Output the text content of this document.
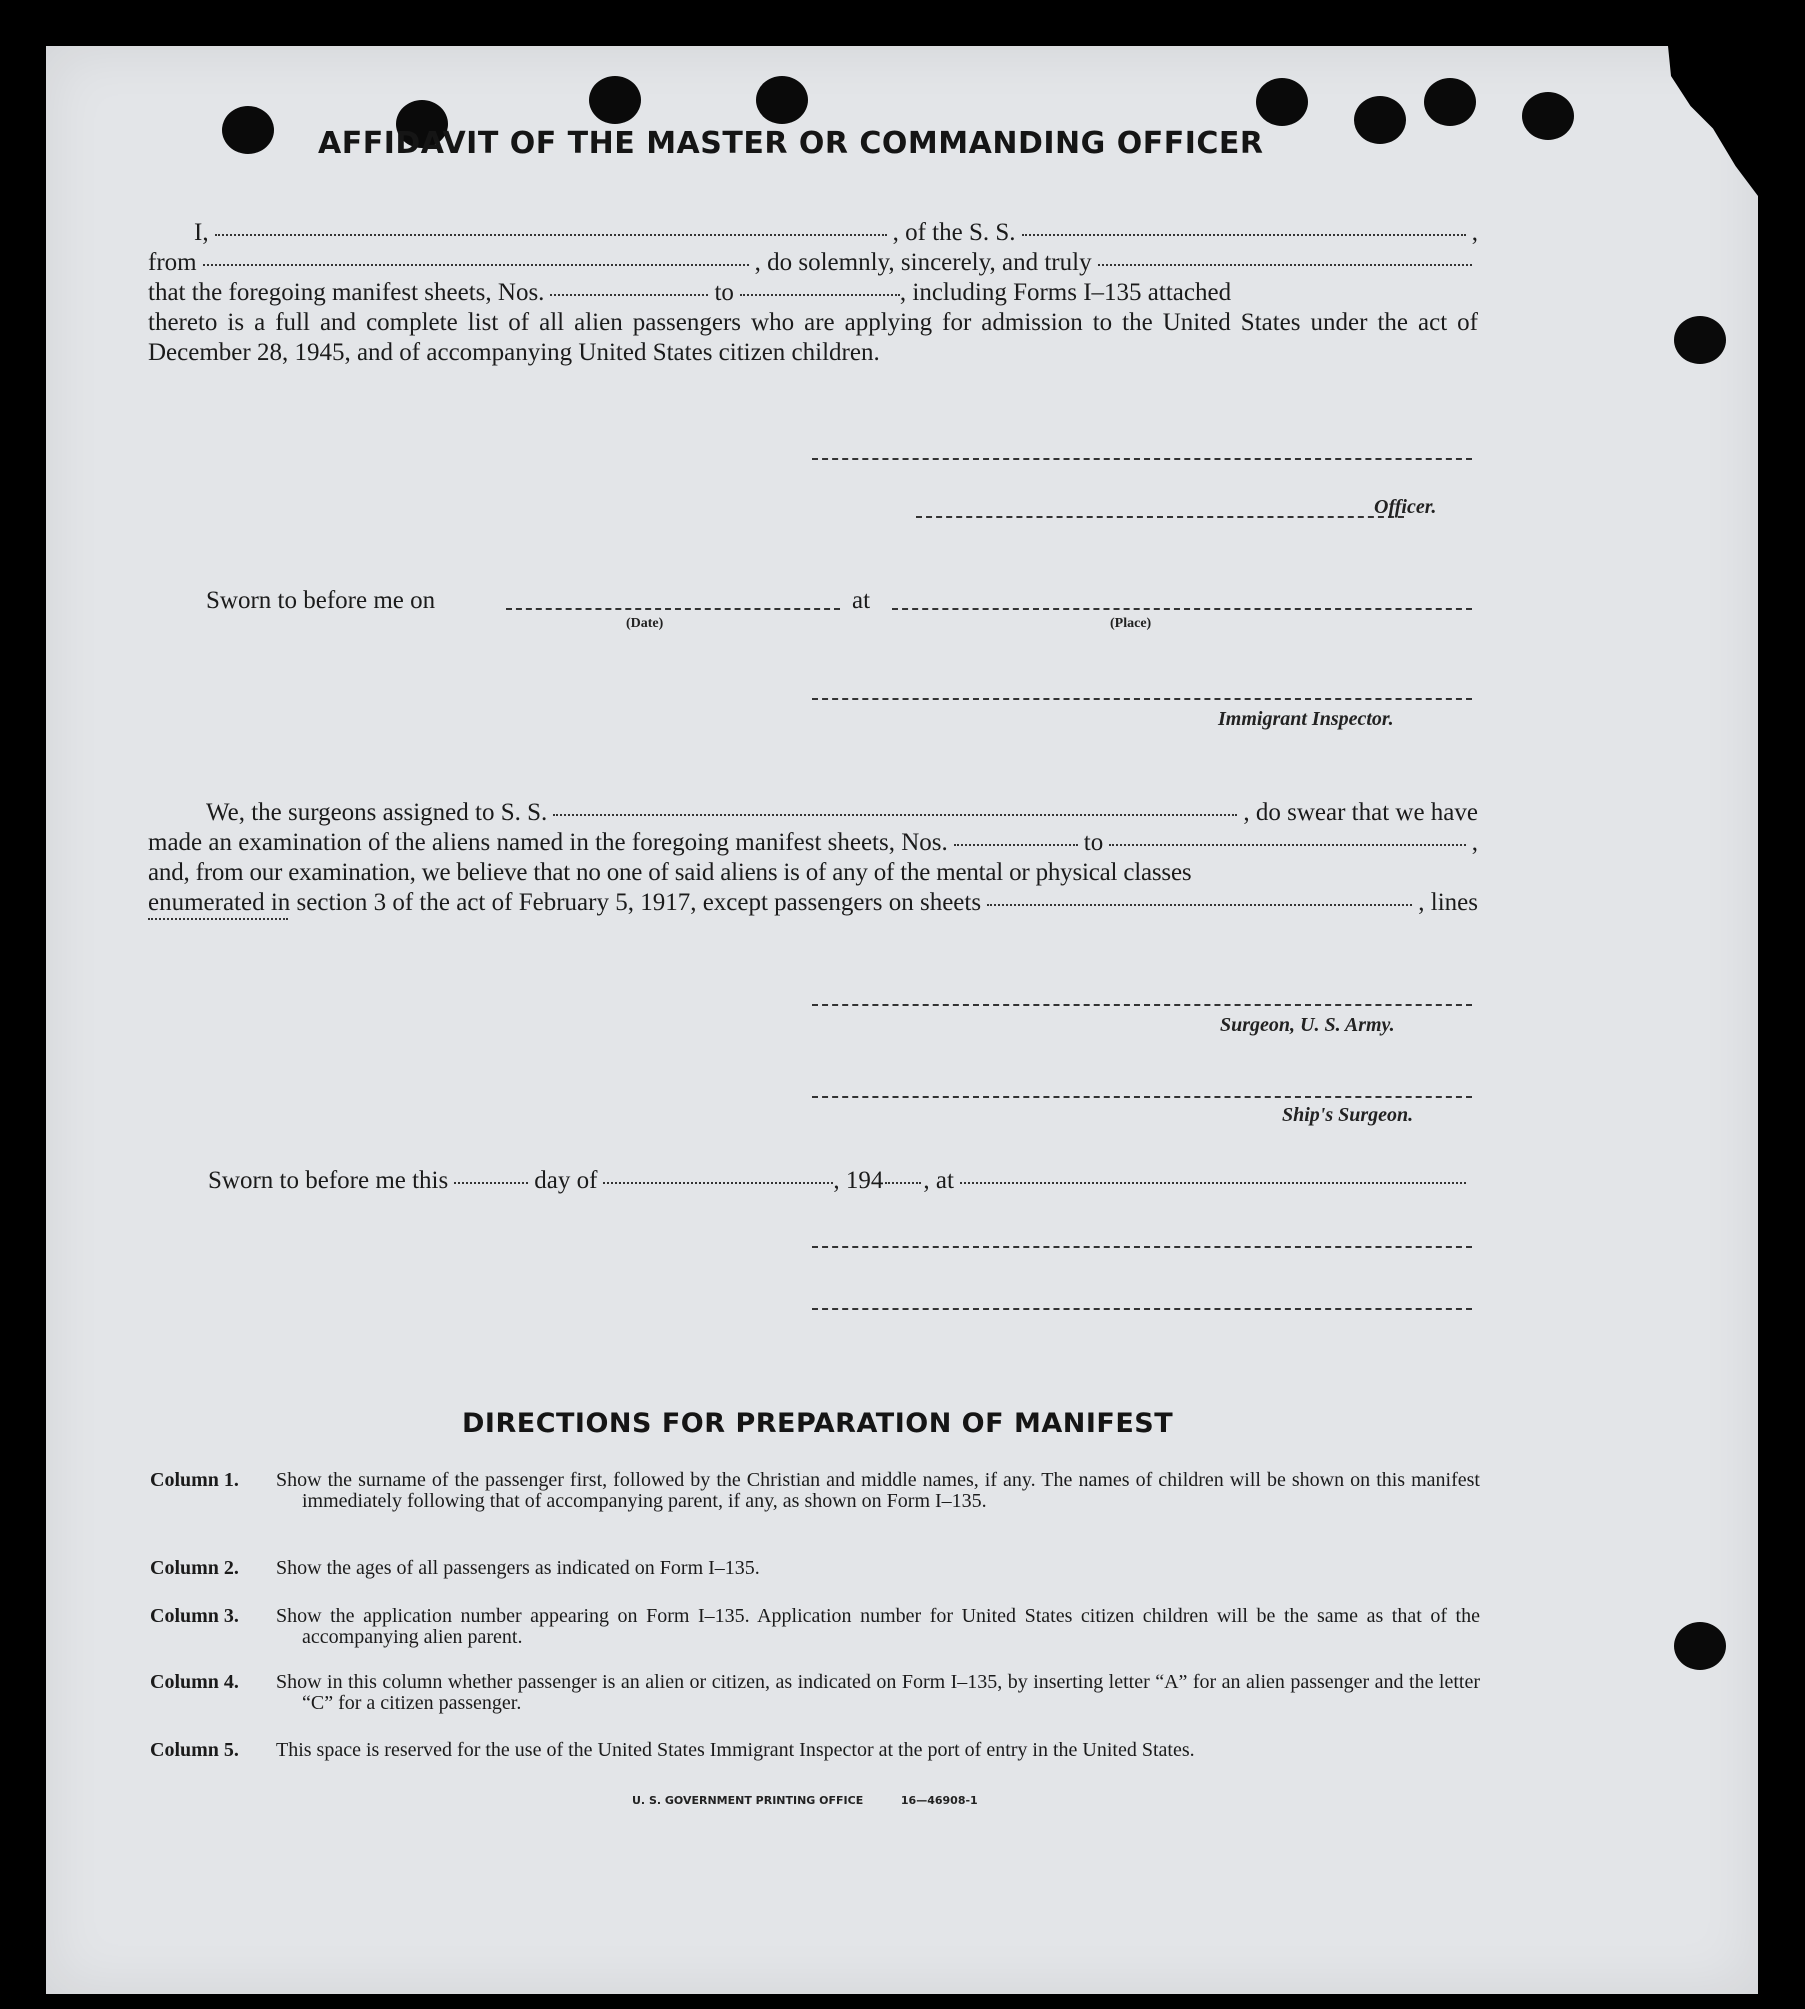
AFFIDAVIT OF THE MASTER OR COMMANDING OFFICER
I,	, of the S. S.	,
from	, do solemnly, sincerely, and truly
that the foregoing manifest sheets, Nos.	to	, including Forms I–135 attached
thereto is a full and complete list of all alien passengers who are applying for admission to the United States under the act of December 28, 1945, and of accompanying United States citizen children.
Officer.
Sworn to before me on	at
(Date)	(Place)
Immigrant Inspector.
We, the surgeons assigned to S. S.	, do swear that we have
made an examination of the aliens named in the foregoing manifest sheets, Nos.	to	,
and, from our examination, we believe that no one of said aliens is of any of the mental or physical classes
enumerated in section 3 of the act of February 5, 1917, except passengers on sheets	, lines
Surgeon, U. S. Army.
Ship's Surgeon.
Sworn to before me this	day of	, 194 , at
DIRECTIONS FOR PREPARATION OF MANIFEST
Column 1.	Show the surname of the passenger first, followed by the Christian and middle names, if any. The names of children will be shown on this manifest immediately following that of accompanying parent, if any, as shown on Form I–135.
Column 2.	Show the ages of all passengers as indicated on Form I–135.
Column 3.	Show the application number appearing on Form I–135. Application number for United States citizen children will be the same as that of the accompanying alien parent.
Column 4.	Show in this column whether passenger is an alien or citizen, as indicated on Form I–135, by inserting letter “A” for an alien passenger and the letter “C” for a citizen passenger.
Column 5.	This space is reserved for the use of the United States Immigrant Inspector at the port of entry in the United States.
U. S. GOVERNMENT PRINTING OFFICE	16—46908-1
